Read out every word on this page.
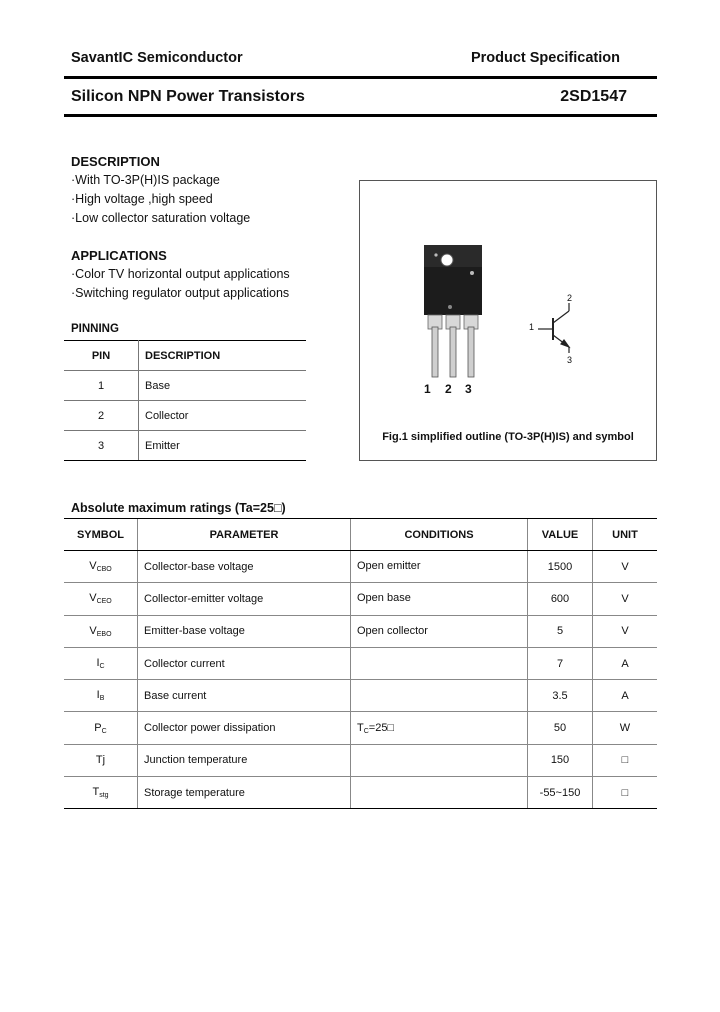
SavantIC Semiconductor	Product Specification
Silicon NPN Power Transistors	2SD1547
DESCRIPTION
·With TO-3P(H)IS package
·High voltage ,high speed
·Low collector saturation voltage
APPLICATIONS
·Color TV horizontal output applications
·Switching regulator output applications
PINNING
PIN	DESCRIPTION
1	Base
2	Collector
3	Emitter
1 2 3
1
2
3
Fig.1 simplified outline (TO-3P(H)IS) and symbol
Absolute maximum ratings (Ta=25□)
SYMBOL	PARAMETER	CONDITIONS	VALUE	UNIT
$V_{CBO}$	Collector-base voltage	Open emitter	1500	V
$V_{CEO}$	Collector-emitter voltage	Open base	600	V
$V_{EBO}$	Emitter-base voltage	Open collector	5	V
$I_C$	Collector current		7	A
$I_B$	Base current		3.5	A
$P_C$	Collector power dissipation	$T_C=25□$	50	W
Tj	Junction temperature		150	□
$T_{stg}$	Storage temperature		-55~150	□
